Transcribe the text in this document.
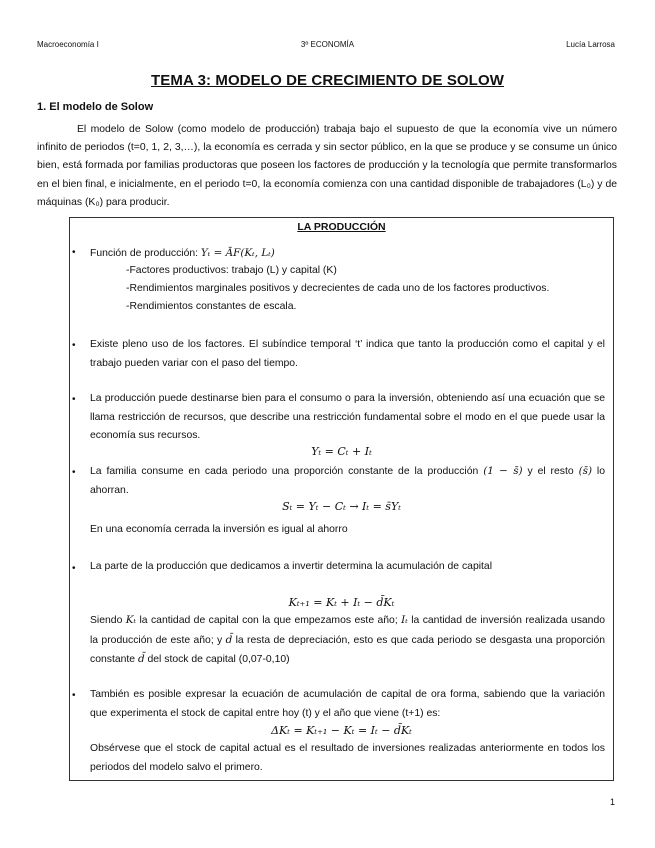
Macroeconomía I	3º ECONOMÍA	Lucía Larrosa
TEMA 3: MODELO DE CRECIMIENTO DE SOLOW
1. El modelo de Solow
El modelo de Solow (como modelo de producción) trabaja bajo el supuesto de que la economía vive un número infinito de periodos (t=0, 1, 2, 3,…), la economía es cerrada y sin sector público, en la que se produce y se consume un único bien, está formada por familias productoras que poseen los factores de producción y la tecnología que permite transformarlos en el bien final, e inicialmente, en el periodo t=0, la economía comienza con una cantidad disponible de trabajadores (L₀) y de máquinas (K₀) para producir.
LA PRODUCCIÓN
• Función de producción: Yₜ = ĀF(Kₜ, Lₜ)
-Factores productivos: trabajo (L) y capital (K)
-Rendimientos marginales positivos y decrecientes de cada uno de los factores productivos.
-Rendimientos constantes de escala.
• Existe pleno uso de los factores. El subíndice temporal ‘t’ indica que tanto la producción como el capital y el trabajo pueden variar con el paso del tiempo.
• La producción puede destinarse bien para el consumo o para la inversión, obteniendo así una ecuación que se llama restricción de recursos, que describe una restricción fundamental sobre el modo en el que puede usar la economía sus recursos.
Yₜ = Cₜ + Iₜ
• La familia consume en cada periodo una proporción constante de la producción (1 − s̄) y el resto (s̄) lo ahorran.
Sₜ = Yₜ − Cₜ → Iₜ = s̄Yₜ
En una economía cerrada la inversión es igual al ahorro
• La parte de la producción que dedicamos a invertir determina la acumulación de capital
Kₜ₊₁ = Kₜ + Iₜ − d̄Kₜ
Siendo Kₜ la cantidad de capital con la que empezamos este año; Iₜ la cantidad de inversión realizada usando la producción de este año; y d̄ la resta de depreciación, esto es que cada periodo se desgasta una proporción constante d̄ del stock de capital (0,07-0,10)
• También es posible expresar la ecuación de acumulación de capital de ora forma, sabiendo que la variación que experimenta el stock de capital entre hoy (t) y el año que viene (t+1) es:
ΔKₜ = Kₜ₊₁ − Kₜ = Iₜ − d̄Kₜ
Obsérvese que el stock de capital actual es el resultado de inversiones realizadas anteriormente en todos los periodos del modelo salvo el primero.
1
